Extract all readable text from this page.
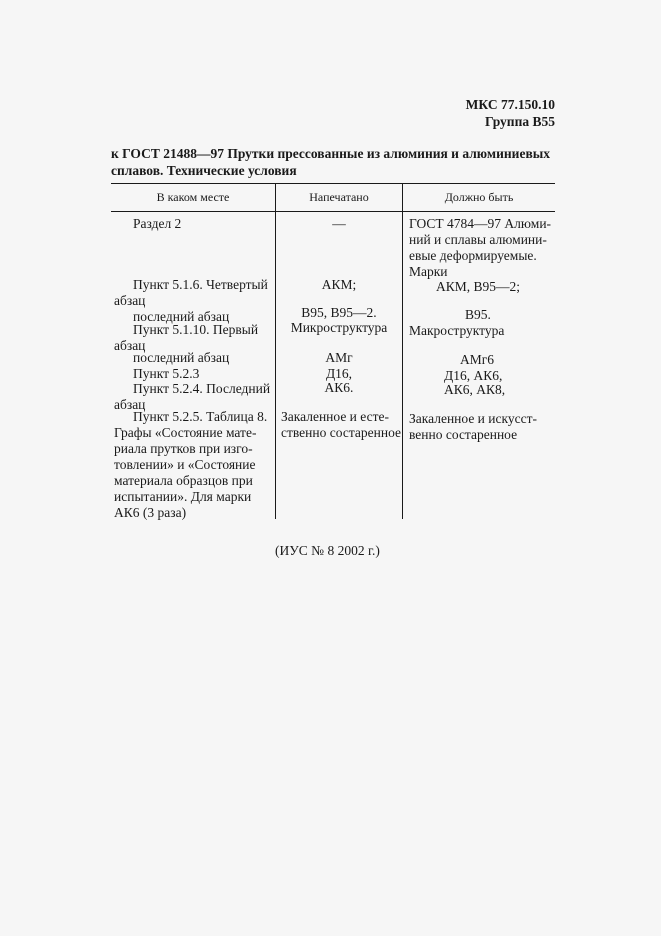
МКС 77.150.10
Группа В55
к ГОСТ 21488—97 Прутки прессованные из алюминия и алюминиевых
сплавов. Технические условия
В каком месте	Напечатано	Должно быть
Раздел 2
Пункт 5.1.6. Четвертый
абзац
последний абзац
Пункт 5.1.10. Первый
абзац
последний абзац
Пункт 5.2.3
Пункт 5.2.4. Последний
абзац
Пункт 5.2.5. Таблица 8.
Графы «Состояние мате-
риала прутков при изго-
товлении» и «Состояние
материала образцов при
испытании». Для марки
АК6 (3 раза)
—
АКМ;
В95, В95—2.
Микроструктура
АМг
Д16,
АК6.
Закаленное и есте-
ственно состаренное
ГОСТ 4784—97 Алюми-
ний и сплавы алюмини-
евые деформируемые.
Марки
АКМ, В95—2;
В95.
Макроструктура
АМг6
Д16, АК6,
АК6, АК8,
Закаленное и искусст-
венно состаренное
(ИУС № 8 2002 г.)
